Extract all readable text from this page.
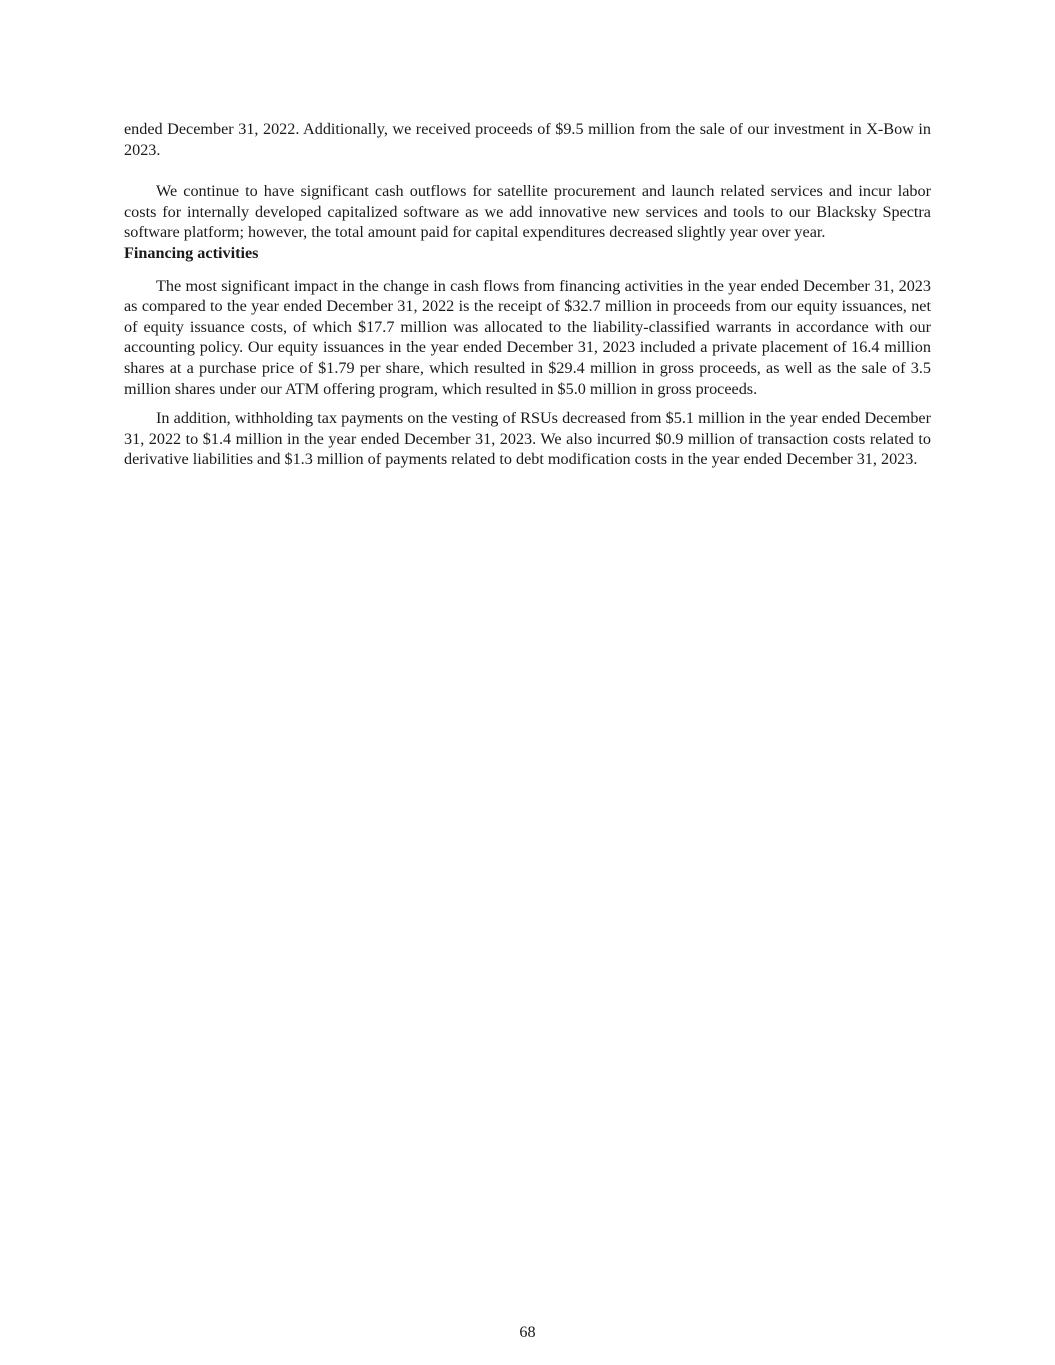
ended December 31, 2022. Additionally, we received proceeds of $9.5 million from the sale of our investment in X-Bow in 2023.

We continue to have significant cash outflows for satellite procurement and launch related services and incur labor costs for internally developed capitalized software as we add innovative new services and tools to our Blacksky Spectra software platform; however, the total amount paid for capital expenditures decreased slightly year over year.

Financing activities

The most significant impact in the change in cash flows from financing activities in the year ended December 31, 2023 as compared to the year ended December 31, 2022 is the receipt of $32.7 million in proceeds from our equity issuances, net of equity issuance costs, of which $17.7 million was allocated to the liability-classified warrants in accordance with our accounting policy. Our equity issuances in the year ended December 31, 2023 included a private placement of 16.4 million shares at a purchase price of $1.79 per share, which resulted in $29.4 million in gross proceeds, as well as the sale of 3.5 million shares under our ATM offering program, which resulted in $5.0 million in gross proceeds.

In addition, withholding tax payments on the vesting of RSUs decreased from $5.1 million in the year ended December 31, 2022 to $1.4 million in the year ended December 31, 2023. We also incurred $0.9 million of transaction costs related to derivative liabilities and $1.3 million of payments related to debt modification costs in the year ended December 31, 2023.

68
